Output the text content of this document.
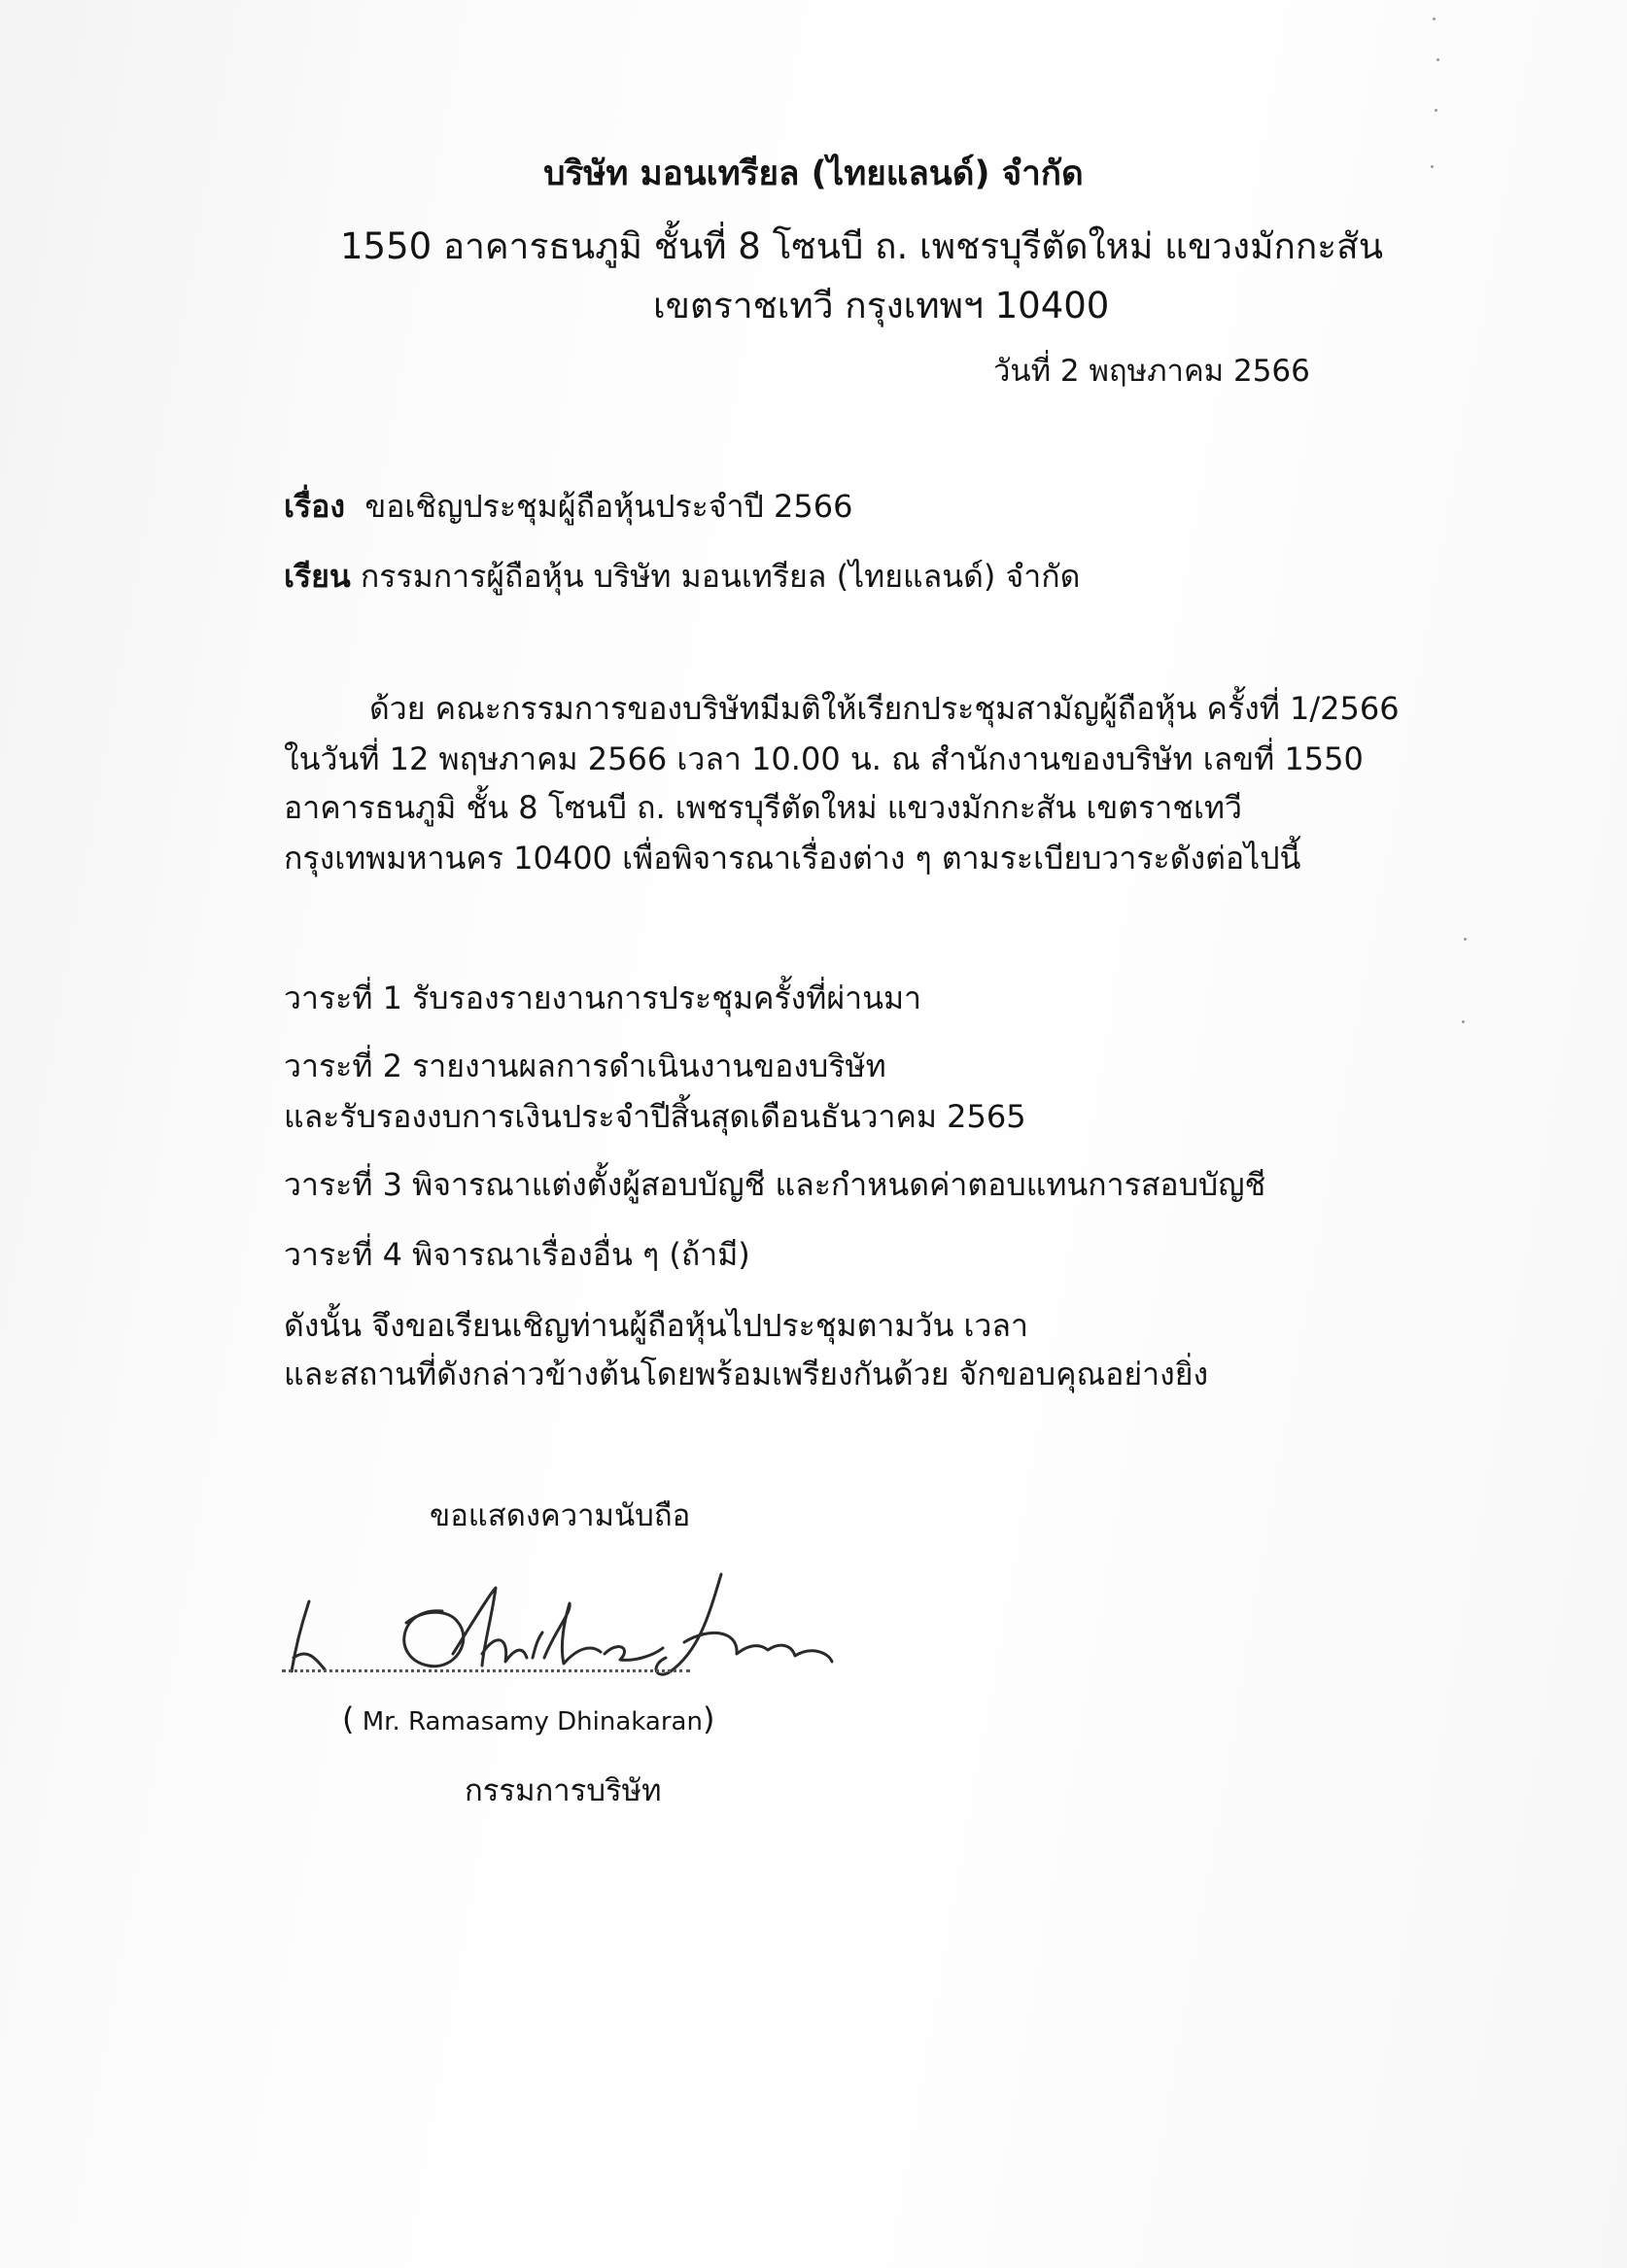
บริษัท มอนเทรียล (ไทยแลนด์) จำกัด

1550 อาคารธนภูมิ ชั้นที่ 8 โซนบี ถ. เพชรบุรีตัดใหม่ แขวงมักกะสัน

เขตราชเทวี กรุงเทพฯ 10400

วันที่ 2 พฤษภาคม 2566

เรื่อง ขอเชิญประชุมผู้ถือหุ้นประจำปี 2566

เรียน กรรมการผู้ถือหุ้น บริษัท มอนเทรียล (ไทยแลนด์) จำกัด

ด้วย คณะกรรมการของบริษัทมีมติให้เรียกประชุมสามัญผู้ถือหุ้น ครั้งที่ 1/2566

ในวันที่ 12 พฤษภาคม 2566 เวลา 10.00 น. ณ สำนักงานของบริษัท เลขที่ 1550

อาคารธนภูมิ ชั้น 8 โซนบี ถ. เพชรบุรีตัดใหม่ แขวงมักกะสัน เขตราชเทวี

กรุงเทพมหานคร 10400 เพื่อพิจารณาเรื่องต่าง ๆ ตามระเบียบวาระดังต่อไปนี้

วาระที่ 1 รับรองรายงานการประชุมครั้งที่ผ่านมา

วาระที่ 2 รายงานผลการดำเนินงานของบริษัท

และรับรองงบการเงินประจำปีสิ้นสุดเดือนธันวาคม 2565

วาระที่ 3 พิจารณาแต่งตั้งผู้สอบบัญชี และกำหนดค่าตอบแทนการสอบบัญชี

วาระที่ 4 พิจารณาเรื่องอื่น ๆ (ถ้ามี)

ดังนั้น จึงขอเรียนเชิญท่านผู้ถือหุ้นไปประชุมตามวัน เวลา

และสถานที่ดังกล่าวข้างต้นโดยพร้อมเพรียงกันด้วย จักขอบคุณอย่างยิ่ง

ขอแสดงความนับถือ

( Mr. Ramasamy Dhinakaran)

กรรมการบริษัท
